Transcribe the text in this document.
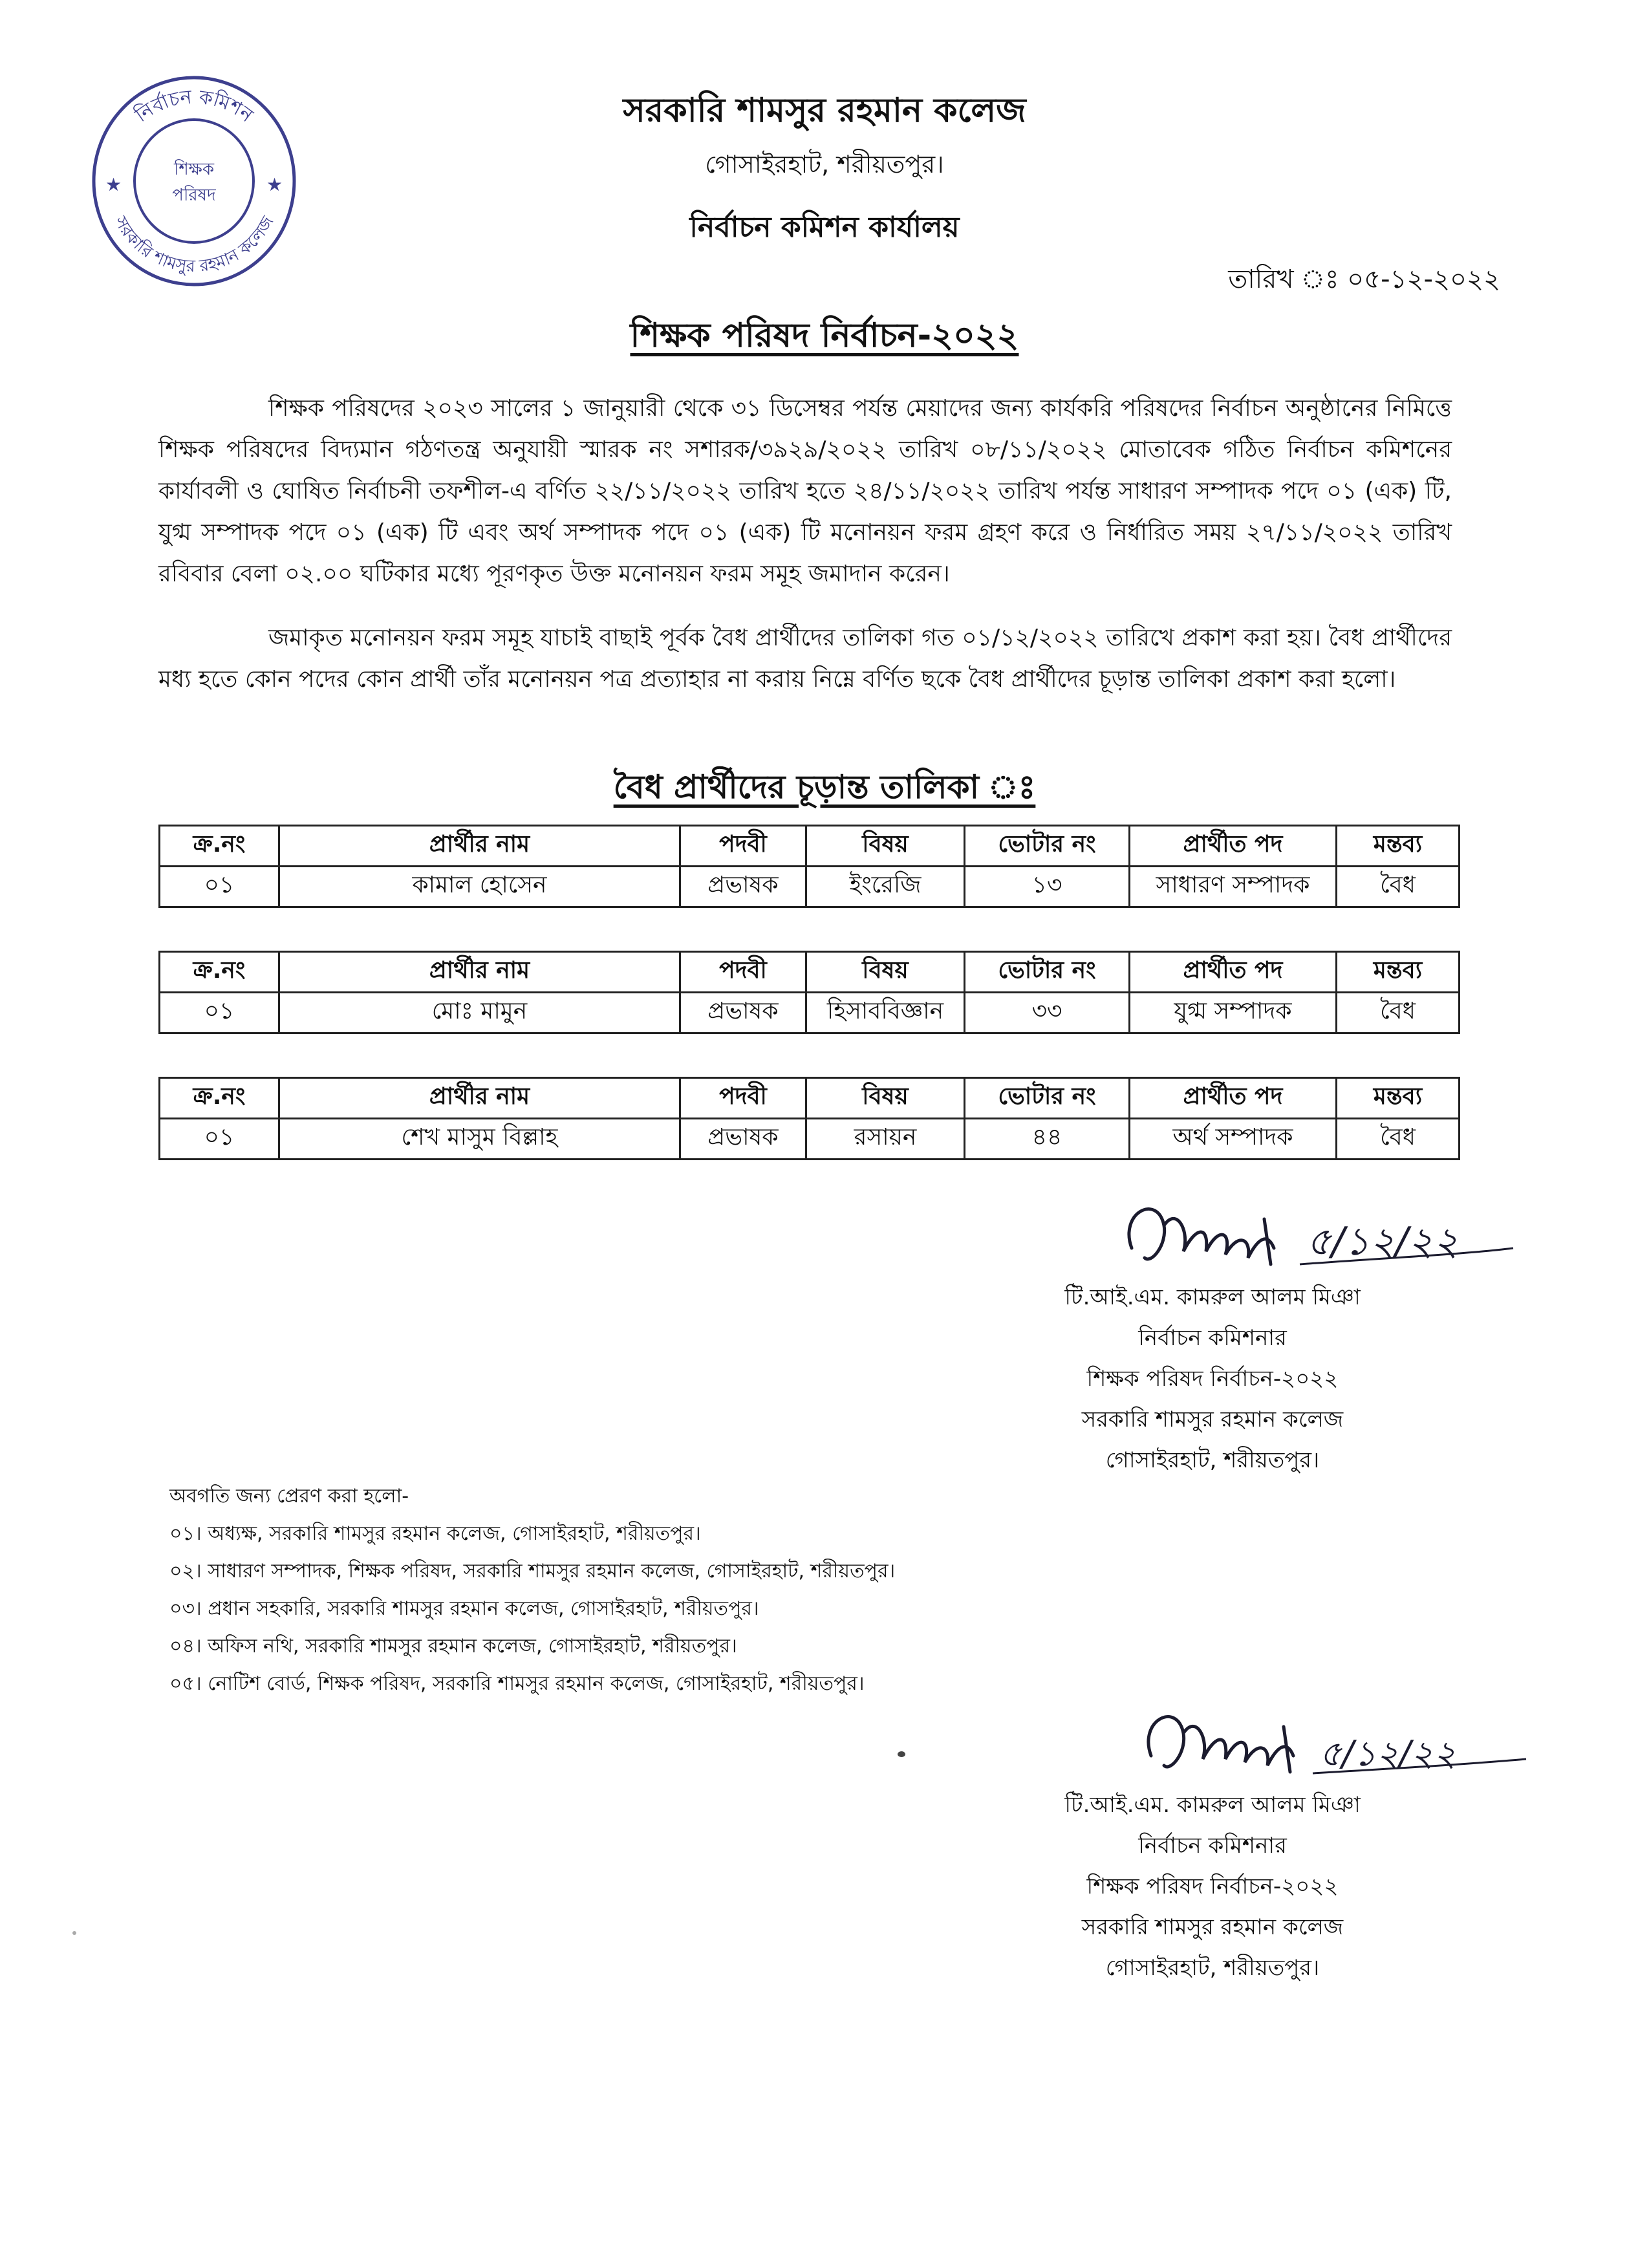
নির্বাচন কমিশন
সরকারি শামসুর রহমান কলেজ
★	★
শিক্ষক
পরিষদ
সরকারি শামসুর রহমান কলেজ
গোসাইরহাট, শরীয়তপুর।
নির্বাচন কমিশন কার্যালয়
তারিখ ঃ ০৫-১২-২০২২
শিক্ষক পরিষদ নির্বাচন-২০২২
শিক্ষক পরিষদের ২০২৩ সালের ১ জানুয়ারী থেকে ৩১ ডিসেম্বর পর্যন্ত মেয়াদের জন্য কার্যকরি পরিষদের নির্বাচন অনুষ্ঠানের নিমিত্তে শিক্ষক পরিষদের বিদ্যমান গঠণতন্ত্র অনুযায়ী স্মারক নং সশারক/৩৯২৯/২০২২ তারিখ ০৮/১১/২০২২ মোতাবেক গঠিত নির্বাচন কমিশনের কার্যাবলী ও ঘোষিত নির্বাচনী তফশীল-এ বর্ণিত ২২/১১/২০২২ তারিখ হতে ২৪/১১/২০২২ তারিখ পর্যন্ত সাধারণ সম্পাদক পদে ০১ (এক) টি, যুগ্ম সম্পাদক পদে ০১ (এক) টি এবং অর্থ সম্পাদক পদে ০১ (এক) টি মনোনয়ন ফরম গ্রহণ করে ও নির্ধারিত সময় ২৭/১১/২০২২ তারিখ রবিবার বেলা ০২.০০ ঘটিকার মধ্যে পূরণকৃত উক্ত মনোনয়ন ফরম সমূহ জমাদান করেন।
জমাকৃত মনোনয়ন ফরম সমূহ যাচাই বাছাই পূর্বক বৈধ প্রার্থীদের তালিকা গত ০১/১২/২০২২ তারিখে প্রকাশ করা হয়। বৈধ প্রার্থীদের মধ্য হতে কোন পদের কোন প্রার্থী তাঁর মনোনয়ন পত্র প্রত্যাহার না করায় নিম্নে বর্ণিত ছকে বৈধ প্রার্থীদের চূড়ান্ত তালিকা প্রকাশ করা হলো।
বৈধ প্রার্থীদের চূড়ান্ত তালিকা ঃ
ক্র.নং	প্রার্থীর নাম	পদবী	বিষয়	ভোটার নং	প্রার্থীত পদ	মন্তব্য
০১	কামাল হোসেন	প্রভাষক	ইংরেজি	১৩	সাধারণ সম্পাদক	বৈধ
ক্র.নং	প্রার্থীর নাম	পদবী	বিষয়	ভোটার নং	প্রার্থীত পদ	মন্তব্য
০১	মোঃ মামুন	প্রভাষক	হিসাববিজ্ঞান	৩৩	যুগ্ম সম্পাদক	বৈধ
ক্র.নং	প্রার্থীর নাম	পদবী	বিষয়	ভোটার নং	প্রার্থীত পদ	মন্তব্য
০১	শেখ মাসুম বিল্লাহ	প্রভাষক	রসায়ন	৪৪	অর্থ সম্পাদক	বৈধ
৫/১২/২২
টি.আই.এম. কামরুল আলম মিঞা
নির্বাচন কমিশনার
শিক্ষক পরিষদ নির্বাচন-২০২২
সরকারি শামসুর রহমান কলেজ
গোসাইরহাট, শরীয়তপুর।
অবগতি জন্য প্রেরণ করা হলো-
০১। অধ্যক্ষ, সরকারি শামসুর রহমান কলেজ, গোসাইরহাট, শরীয়তপুর।
০২। সাধারণ সম্পাদক, শিক্ষক পরিষদ, সরকারি শামসুর রহমান কলেজ, গোসাইরহাট, শরীয়তপুর।
০৩। প্রধান সহকারি, সরকারি শামসুর রহমান কলেজ, গোসাইরহাট, শরীয়তপুর।
০৪। অফিস নথি, সরকারি শামসুর রহমান কলেজ, গোসাইরহাট, শরীয়তপুর।
০৫। নোটিশ বোর্ড, শিক্ষক পরিষদ, সরকারি শামসুর রহমান কলেজ, গোসাইরহাট, শরীয়তপুর।
৫/১২/২২
টি.আই.এম. কামরুল আলম মিঞা
নির্বাচন কমিশনার
শিক্ষক পরিষদ নির্বাচন-২০২২
সরকারি শামসুর রহমান কলেজ
গোসাইরহাট, শরীয়তপুর।
